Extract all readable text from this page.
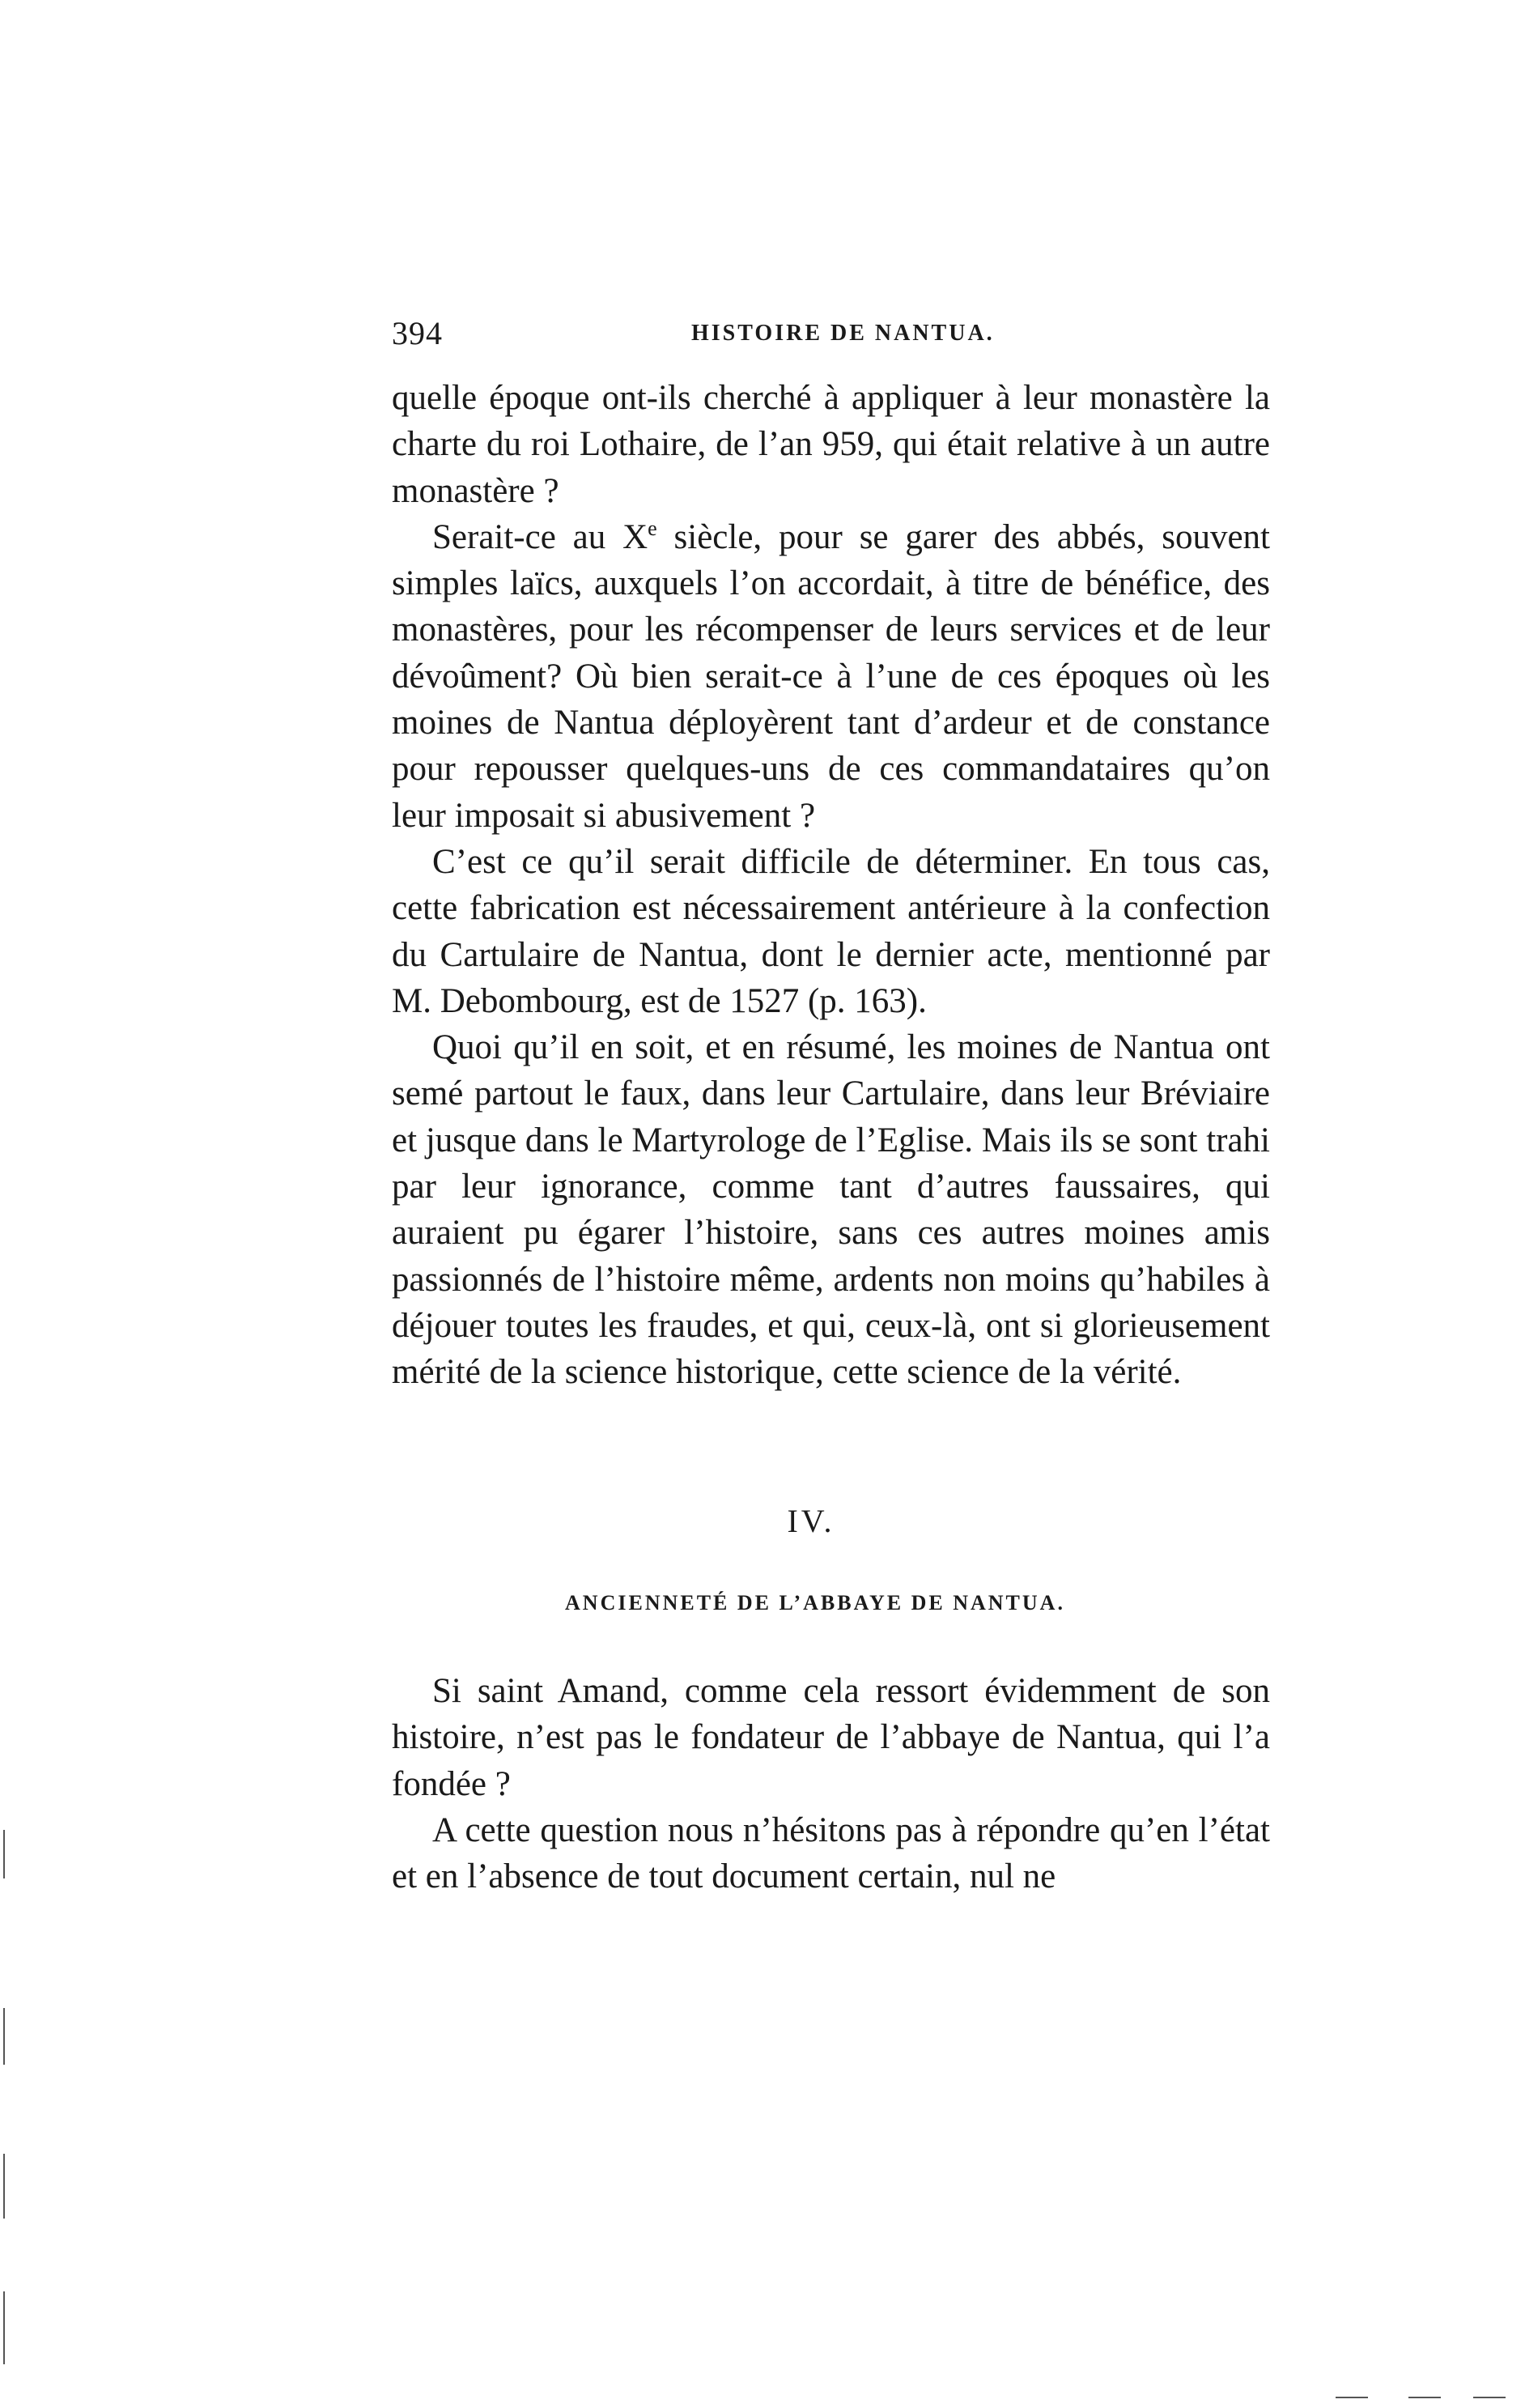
394	HISTOIRE DE NANTUA.

quelle époque ont-ils cherché à appliquer à leur monastère la charte du roi Lothaire, de l’an 959, qui était relative à un autre monastère ?

Serait-ce au Xe siècle, pour se garer des abbés, souvent simples laïcs, auxquels l’on accordait, à titre de bénéfice, des monastères, pour les récompenser de leurs services et de leur dévoûment? Où bien serait-ce à l’une de ces époques où les moines de Nantua déployèrent tant d’ardeur et de constance pour repousser quelques-uns de ces commandataires qu’on leur imposait si abusivement ?

C’est ce qu’il serait difficile de déterminer. En tous cas, cette fabrication est nécessairement antérieure à la confection du Cartulaire de Nantua, dont le dernier acte, mentionné par M. Debombourg, est de 1527 (p. 163).

Quoi qu’il en soit, et en résumé, les moines de Nantua ont semé partout le faux, dans leur Cartulaire, dans leur Bréviaire et jusque dans le Martyrologe de l’Eglise. Mais ils se sont trahi par leur ignorance, comme tant d’autres faussaires, qui auraient pu égarer l’histoire, sans ces autres moines amis passionnés de l’histoire même, ardents non moins qu’habiles à déjouer toutes les fraudes, et qui, ceux-là, ont si glorieusement mérité de la science historique, cette science de la vérité.

IV.
ANCIENNETÉ DE L’ABBAYE DE NANTUA.

Si saint Amand, comme cela ressort évidemment de son histoire, n’est pas le fondateur de l’abbaye de Nantua, qui l’a fondée ?

A cette question nous n’hésitons pas à répondre qu’en l’état et en l’absence de tout document certain, nul ne
